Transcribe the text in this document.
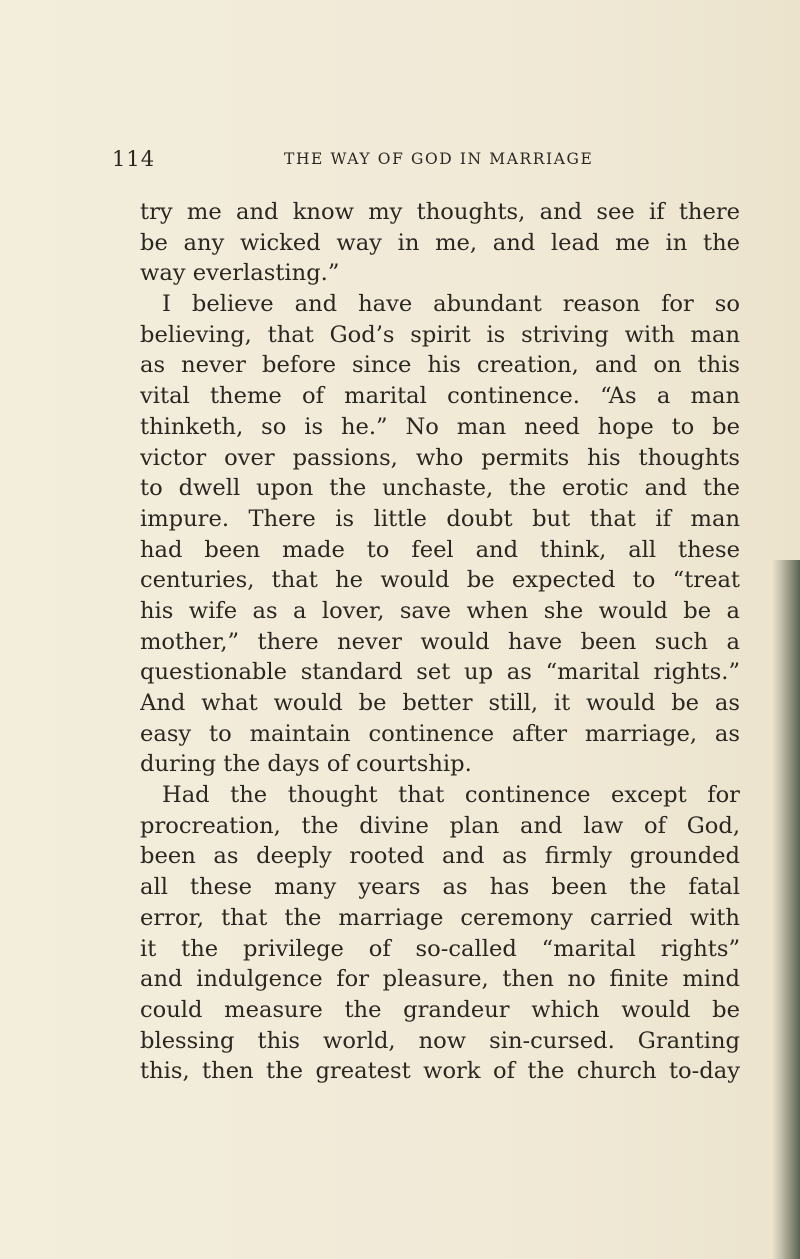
114	THE WAY OF GOD IN MARRIAGE
try me and know my thoughts, and see if there
be any wicked way in me, and lead me in the
way everlasting.”
I believe and have abundant reason for so
believing, that God’s spirit is striving with man
as never before since his creation, and on this
vital theme of marital continence. “As a man
thinketh, so is he.” No man need hope to be
victor over passions, who permits his thoughts
to dwell upon the unchaste, the erotic and the
impure. There is little doubt but that if man
had been made to feel and think, all these
centuries, that he would be expected to “treat
his wife as a lover, save when she would be a
mother,” there never would have been such a
questionable standard set up as “marital rights.”
And what would be better still, it would be as
easy to maintain continence after marriage, as
during the days of courtship.
Had the thought that continence except for
procreation, the divine plan and law of God,
been as deeply rooted and as firmly grounded
all these many years as has been the fatal
error, that the marriage ceremony carried with
it the privilege of so-called “marital rights”
and indulgence for pleasure, then no finite mind
could measure the grandeur which would be
blessing this world, now sin-cursed. Granting
this, then the greatest work of the church to-day
